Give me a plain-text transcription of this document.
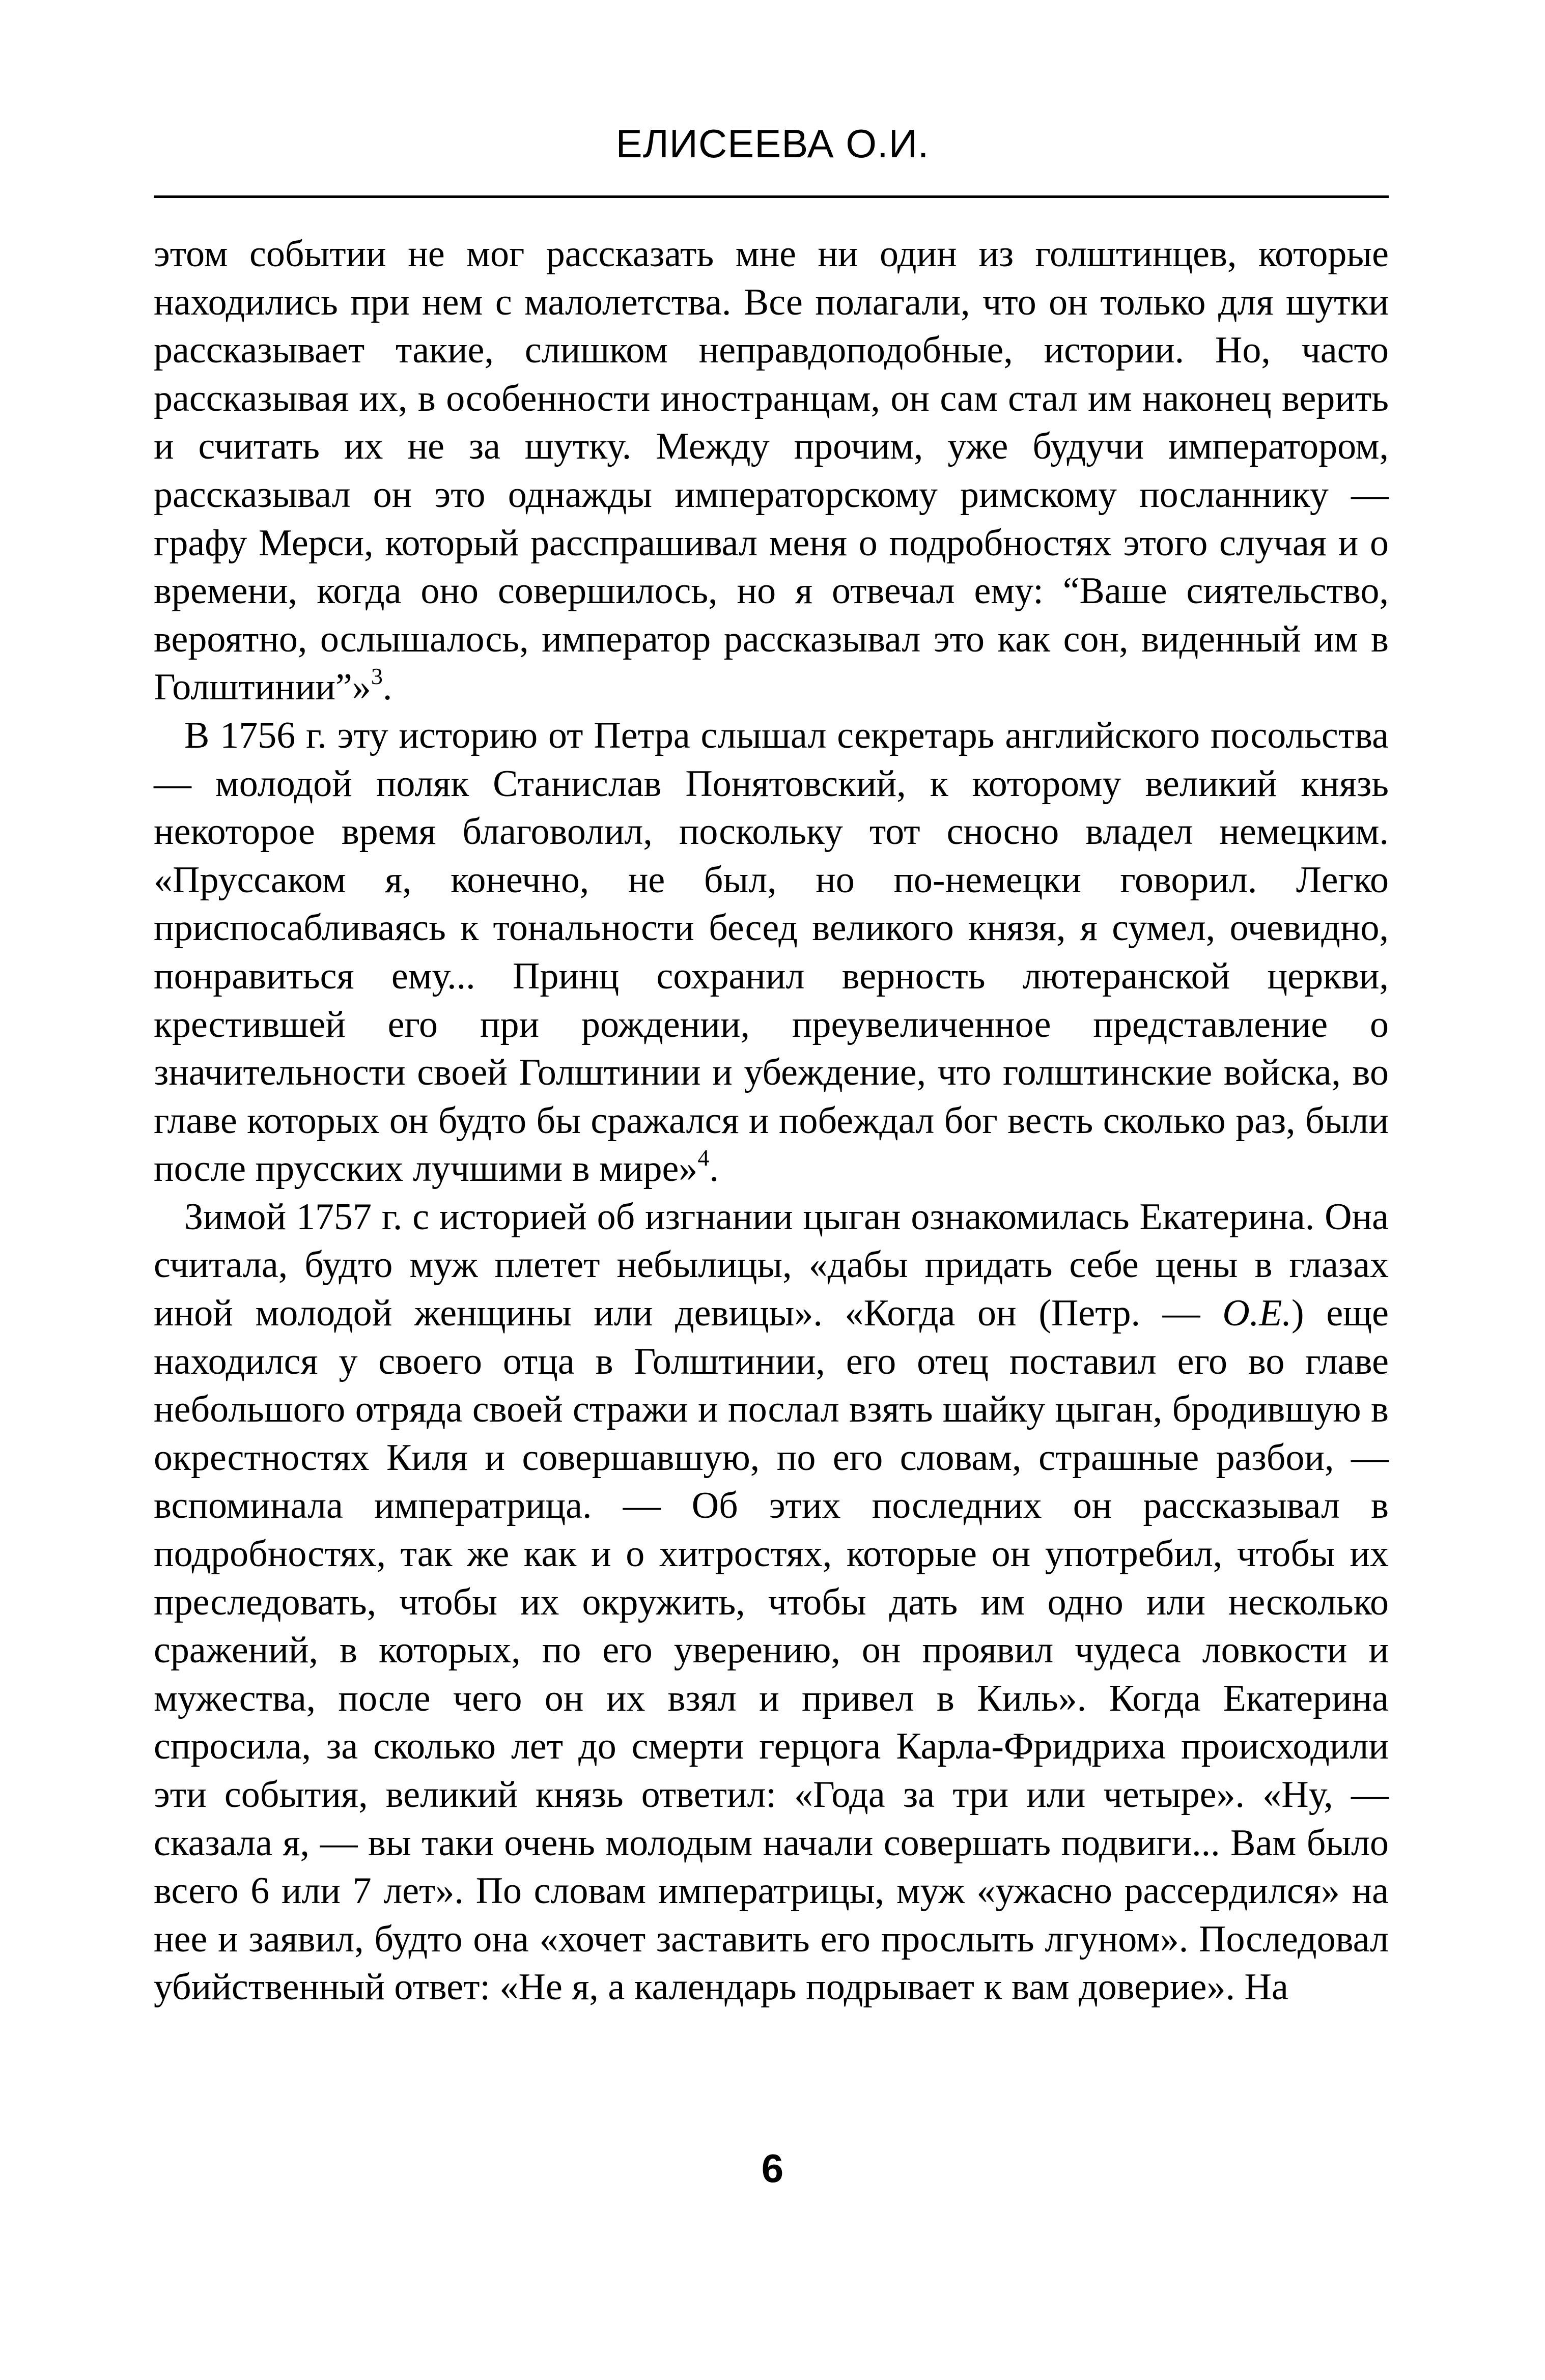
ЕЛИСЕЕВА О.И.

этом событии не мог рассказать мне ни один из голштинцев, которые находились при нем с малолетства. Все полагали, что он только для шутки рассказывает такие, слишком неправдоподобные, истории. Но, часто рассказывая их, в особенности иностранцам, он сам стал им наконец верить и считать их не за шутку. Между прочим, уже будучи императором, рассказывал он это однажды императорскому римскому посланнику — графу Мерси, который расспрашивал меня о подробностях этого случая и о времени, когда оно совершилось, но я отвечал ему: “Ваше сиятельство, вероятно, ослышалось, император рассказывал это как сон, виденный им в Голштинии”»$^3$.

В 1756 г. эту историю от Петра слышал секретарь английского посольства — молодой поляк Станислав Понятовский, к которому великий князь некоторое время благоволил, поскольку тот сносно владел немецким. «Пруссаком я, конечно, не был, но по-немецки говорил. Легко приспосабливаясь к тональности бесед великого князя, я сумел, очевидно, понравиться ему... Принц сохранил верность лютеранской церкви, крестившей его при рождении, преувеличенное представление о значительности своей Голштинии и убеждение, что голштинские войска, во главе которых он будто бы сражался и побеждал бог весть сколько раз, были после прусских лучшими в мире»$^4$.

Зимой 1757 г. с историей об изгнании цыган ознакомилась Екатерина. Она считала, будто муж плетет небылицы, «дабы придать себе цены в глазах иной молодой женщины или девицы». «Когда он (Петр. — О.Е.) еще находился у своего отца в Голштинии, его отец поставил его во главе небольшого отряда своей стражи и послал взять шайку цыган, бродившую в окрестностях Киля и совершавшую, по его словам, страшные разбои, — вспоминала императрица. — Об этих последних он рассказывал в подробностях, так же как и о хитростях, которые он употребил, чтобы их преследовать, чтобы их окружить, чтобы дать им одно или несколько сражений, в которых, по его уверению, он проявил чудеса ловкости и мужества, после чего он их взял и привел в Киль». Когда Екатерина спросила, за сколько лет до смерти герцога Карла-Фридриха происходили эти события, великий князь ответил: «Года за три или четыре». «Ну, — сказала я, — вы таки очень молодым начали совершать подвиги... Вам было всего 6 или 7 лет». По словам императрицы, муж «ужасно рассердился» на нее и заявил, будто она «хочет заставить его прослыть лгуном». Последовал убийственный ответ: «Не я, а календарь подрывает к вам доверие». На

6
